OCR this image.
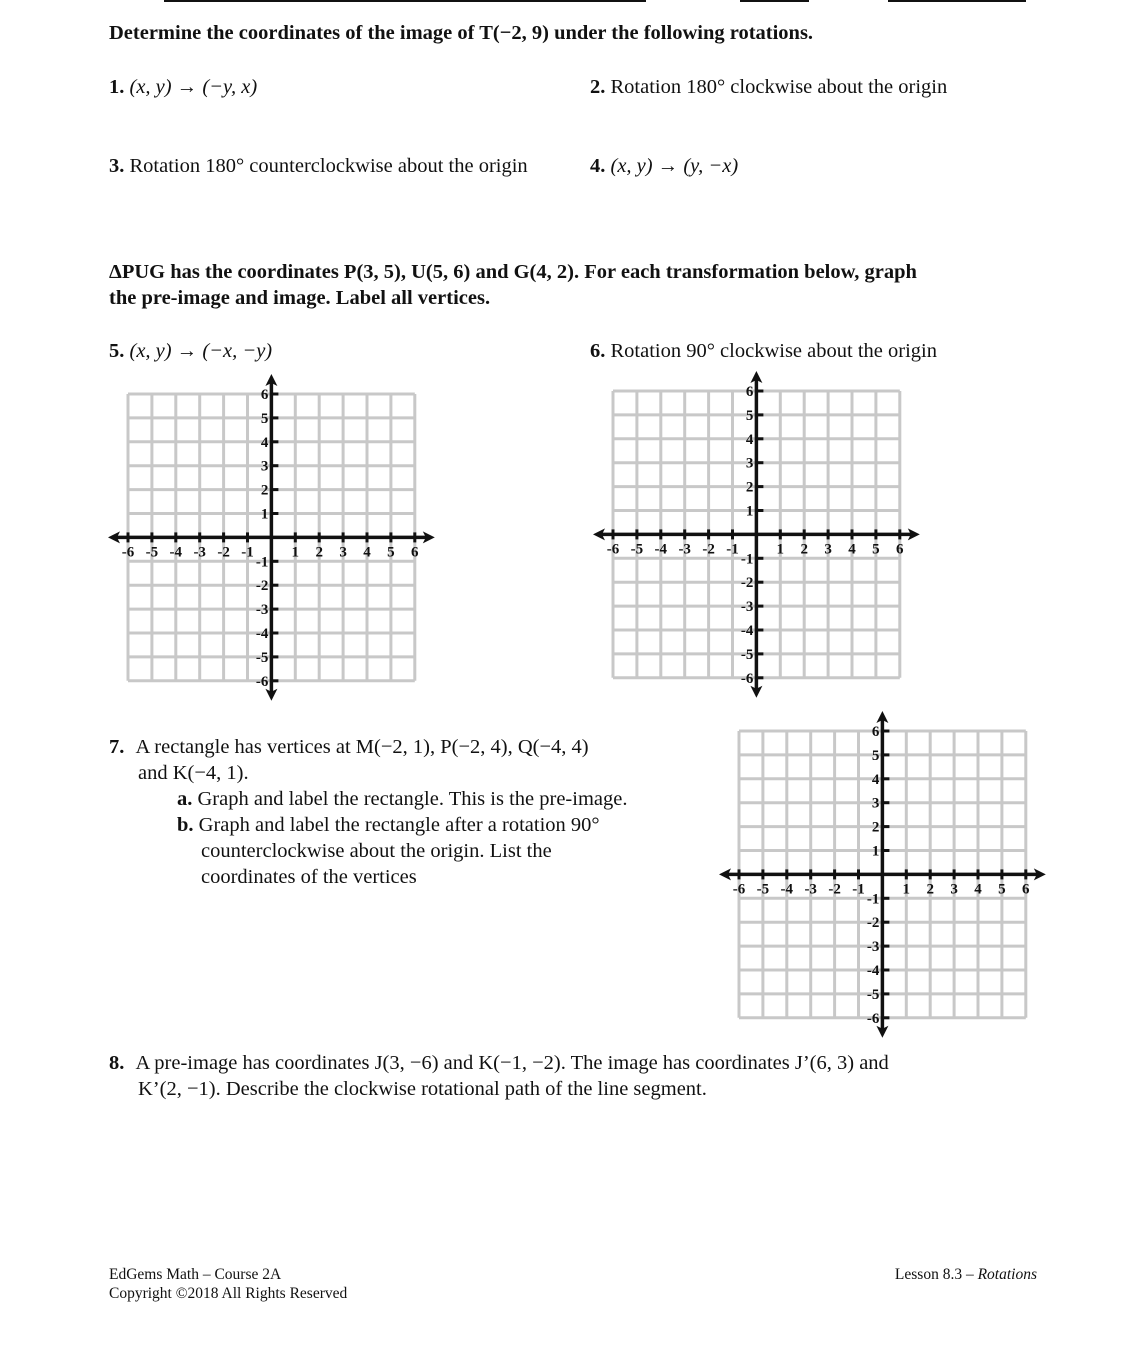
Determine the coordinates of the image of T(−2, 9) under the following rotations.
1. (x, y) → (−y, x)	2. Rotation 180° clockwise about the origin
3. Rotation 180° counterclockwise about the origin	4. (x, y) → (y, −x)
ΔPUG has the coordinates P(3, 5), U(5, 6) and G(4, 2). For each transformation below, graph
the pre-image and image. Label all vertices.
5. (x, y) → (−x, −y)	6. Rotation 90° clockwise about the origin
-6 -5 -4 -3 -2 -1	1 2 3 4 5 6
6
5
4
3
2
1
-1
-2
-3
-4
-5
-6
-6 -5 -4 -3 -2 -1	1 2 3 4 5 6
6
5
4
3
2
1
-1
-2
-3
-4
-5
-6
-6 -5 -4 -3 -2 -1	1 2 3 4 5 6
6
5
4
3
2
1
-1
-2
-3
-4
-5
-6
7. A rectangle has vertices at M(−2, 1), P(−2, 4), Q(−4, 4)
and K(−4, 1).
a. Graph and label the rectangle. This is the pre-image.
b. Graph and label the rectangle after a rotation 90°
counterclockwise about the origin. List the
coordinates of the vertices
8. A pre-image has coordinates J(3, −6) and K(−1, −2). The image has coordinates J’(6, 3) and
K’(2, −1). Describe the clockwise rotational path of the line segment.
EdGems Math – Course 2A
Copyright ©2018 All Rights Reserved
Lesson 8.3 – Rotations
